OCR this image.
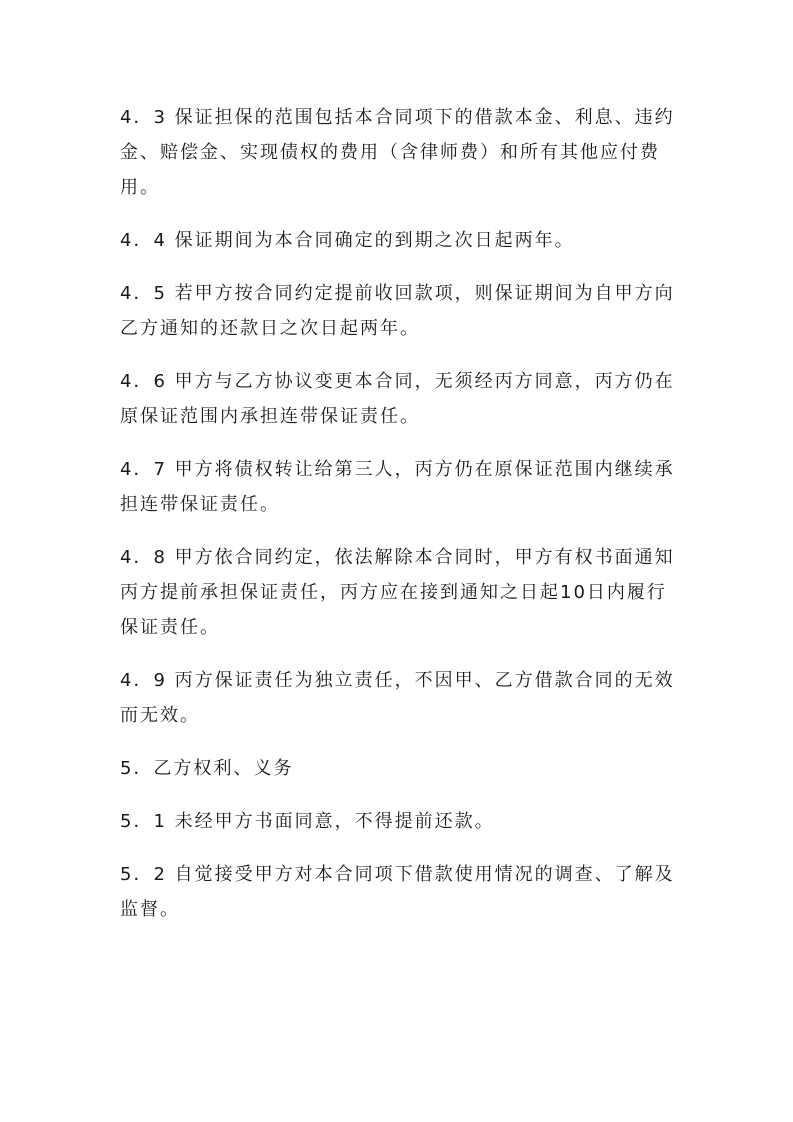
4．3 保证担保的范围包括本合同项下的借款本金、利息、违约金、赔偿金、实现债权的费用（含律师费）和所有其他应付费用。

4．4 保证期间为本合同确定的到期之次日起两年。

4．5 若甲方按合同约定提前收回款项，则保证期间为自甲方向乙方通知的还款日之次日起两年。

4．6 甲方与乙方协议变更本合同，无须经丙方同意，丙方仍在原保证范围内承担连带保证责任。

4．7 甲方将债权转让给第三人，丙方仍在原保证范围内继续承担连带保证责任。

4．8 甲方依合同约定，依法解除本合同时，甲方有权书面通知丙方提前承担保证责任，丙方应在接到通知之日起10日内履行保证责任。

4．9 丙方保证责任为独立责任，不因甲、乙方借款合同的无效而无效。

5．乙方权利、义务

5．1 未经甲方书面同意，不得提前还款。

5．2 自觉接受甲方对本合同项下借款使用情况的调查、了解及监督。
